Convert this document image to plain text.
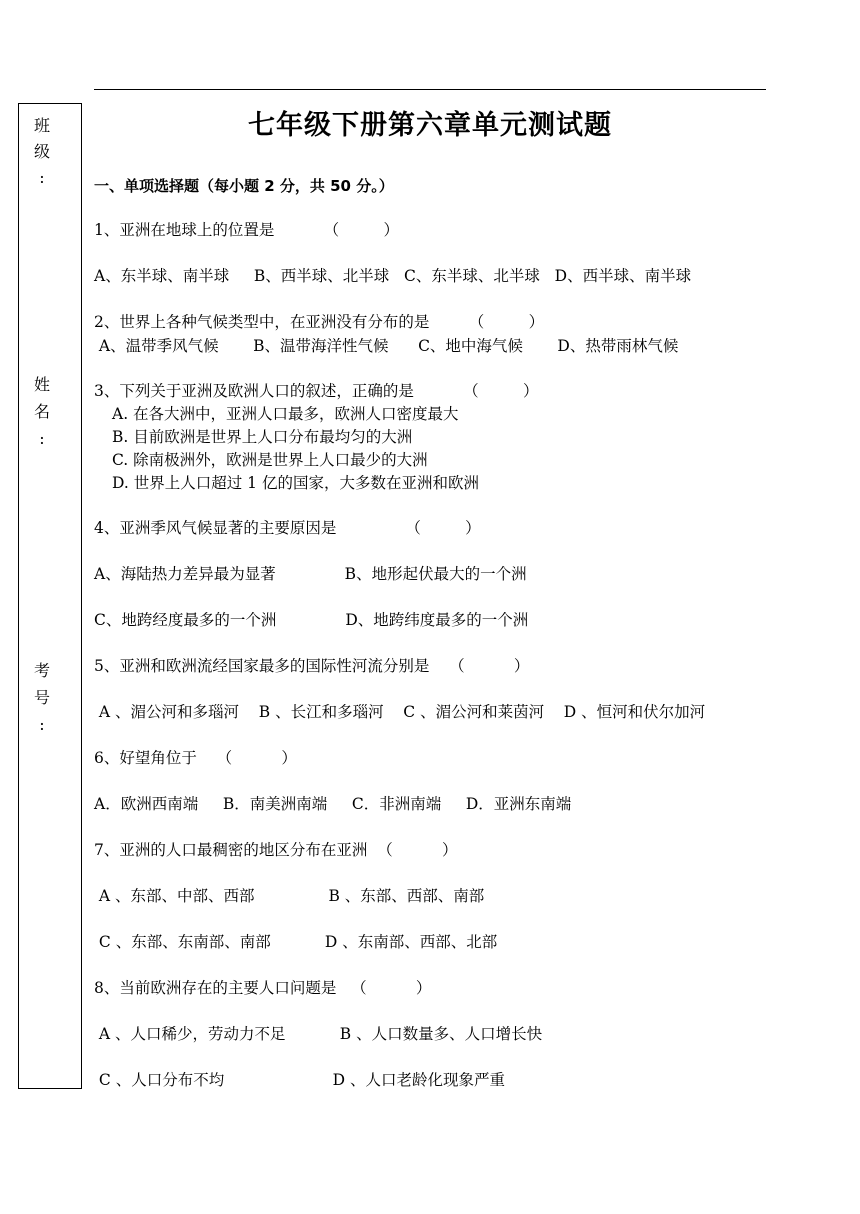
班
级
:
姓
名
:
考
号
:
七年级下册第六章单元测试题
一、单项选择题（每小题 2 分，共 50 分。）
1、亚洲在地球上的位置是          （         ）
A、东半球、南半球     B、西半球、北半球   C、东半球、北半球   D、西半球、南半球
2、世界上各种气候类型中，在亚洲没有分布的是        （         ）
A、温带季风气候       B、温带海洋性气候      C、地中海气候       D、热带雨林气候
3、下列关于亚洲及欧洲人口的叙述，正确的是          （         ）
A. 在各大洲中，亚洲人口最多，欧洲人口密度最大
B. 目前欧洲是世界上人口分布最均匀的大洲
C. 除南极洲外，欧洲是世界上人口最少的大洲
D. 世界上人口超过 1 亿的国家，大多数在亚洲和欧洲
4、亚洲季风气候显著的主要原因是              （         ）
A、海陆热力差异最为显著              B、地形起伏最大的一个洲
C、地跨经度最多的一个洲              D、地跨纬度最多的一个洲
5、亚洲和欧洲流经国家最多的国际性河流分别是    （          ）
A 、湄公河和多瑙河    B 、长江和多瑙河    C 、湄公河和莱茵河    D 、恒河和伏尔加河
6、好望角位于    （          ）
A．欧洲西南端     B．南美洲南端     C．非洲南端     D．亚洲东南端
7、亚洲的人口最稠密的地区分布在亚洲  （          ）
A 、东部、中部、西部               B 、东部、西部、南部
C 、东部、东南部、南部           D 、东南部、西部、北部
8、当前欧洲存在的主要人口问题是   （          ）
A 、人口稀少，劳动力不足           B 、人口数量多、人口增长快
C 、人口分布不均                      D 、人口老龄化现象严重
